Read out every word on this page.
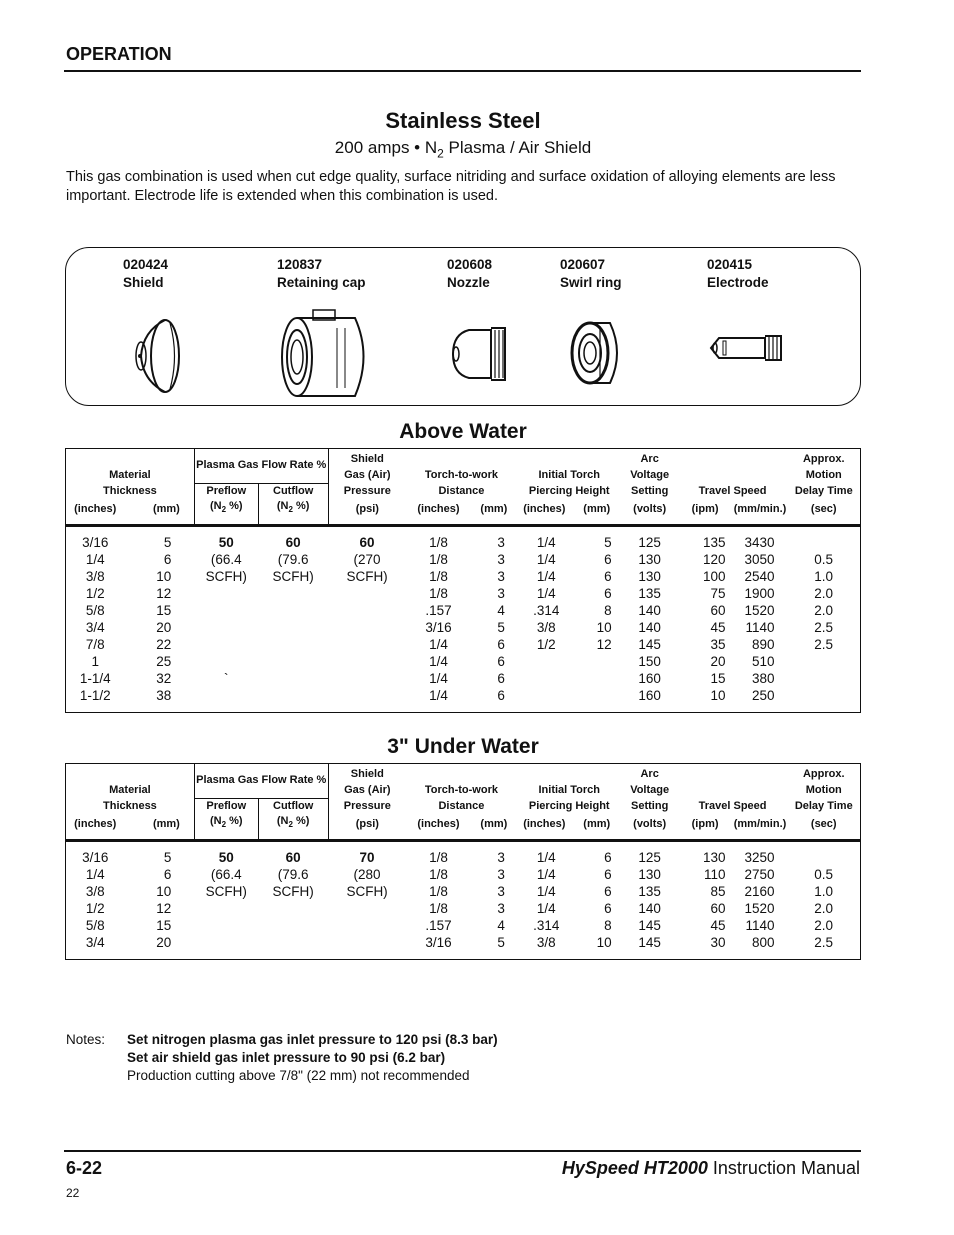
OPERATION
Stainless Steel
200 amps • $N_2$ Plasma / Air Shield
This gas combination is used when cut edge quality, surface nitriding and surface oxidation of alloying elements are less important. Electrode life is extended when this combination is used.
020424
Shield
120837
Retaining cap
020608
Nozzle
020607
Swirl ring
020415
Electrode
Above Water
Material		Plasma Gas Flow Rate %		Shield					Arc			Approx.
				Gas (Air)	Torch-to-work		Initial Torch		Voltage			Motion
Thickness		Preflow	Cutflow	Pressure	Distance		Piercing Height		Setting	Travel Speed		Delay Time
(inches)	(mm)	($N_2$ %)	($N_2$ %)	(psi)	(inches)	(mm)	(inches)	(mm)	(volts)	(ipm)	(mm/min.)	(sec)
3/16	5	50	60	60	1/8	3	1/4	5	125	135	3430	
1/4	6	(66.4	(79.6	(270	1/8	3	1/4	6	130	120	3050	0.5
3/8	10	SCFH)	SCFH)	SCFH)	1/8	3	1/4	6	130	100	2540	1.0
1/2	12				1/8	3	1/4	6	135	75	1900	2.0
5/8	15				.157	4	.314	8	140	60	1520	2.0
3/4	20				3/16	5	3/8	10	140	45	1140	2.5
7/8	22				1/4	6	1/2	12	145	35	890	2.5
1	25				1/4	6			150	20	510	
1-1/4	32	`			1/4	6			160	15	380	
1-1/2	38				1/4	6			160	10	250	
3" Under Water
Material		Plasma Gas Flow Rate %		Shield					Arc			Approx.
				Gas (Air)	Torch-to-work		Initial Torch		Voltage			Motion
Thickness		Preflow	Cutflow	Pressure	Distance		Piercing Height		Setting	Travel Speed		Delay Time
(inches)	(mm)	($N_2$ %)	($N_2$ %)	(psi)	(inches)	(mm)	(inches)	(mm)	(volts)	(ipm)	(mm/min.)	(sec)
3/16	5	50	60	70	1/8	3	1/4	6	125	130	3250	
1/4	6	(66.4	(79.6	(280	1/8	3	1/4	6	130	110	2750	0.5
3/8	10	SCFH)	SCFH)	SCFH)	1/8	3	1/4	6	135	85	2160	1.0
1/2	12				1/8	3	1/4	6	140	60	1520	2.0
5/8	15				.157	4	.314	8	145	45	1140	2.0
3/4	20				3/16	5	3/8	10	145	30	800	2.5
Notes: Set nitrogen plasma gas inlet pressure to 120 psi (8.3 bar)
Set air shield gas inlet pressure to 90 psi (6.2 bar)
Production cutting above 7/8" (22 mm) not recommended
6-22	HySpeed HT2000 Instruction Manual
22
